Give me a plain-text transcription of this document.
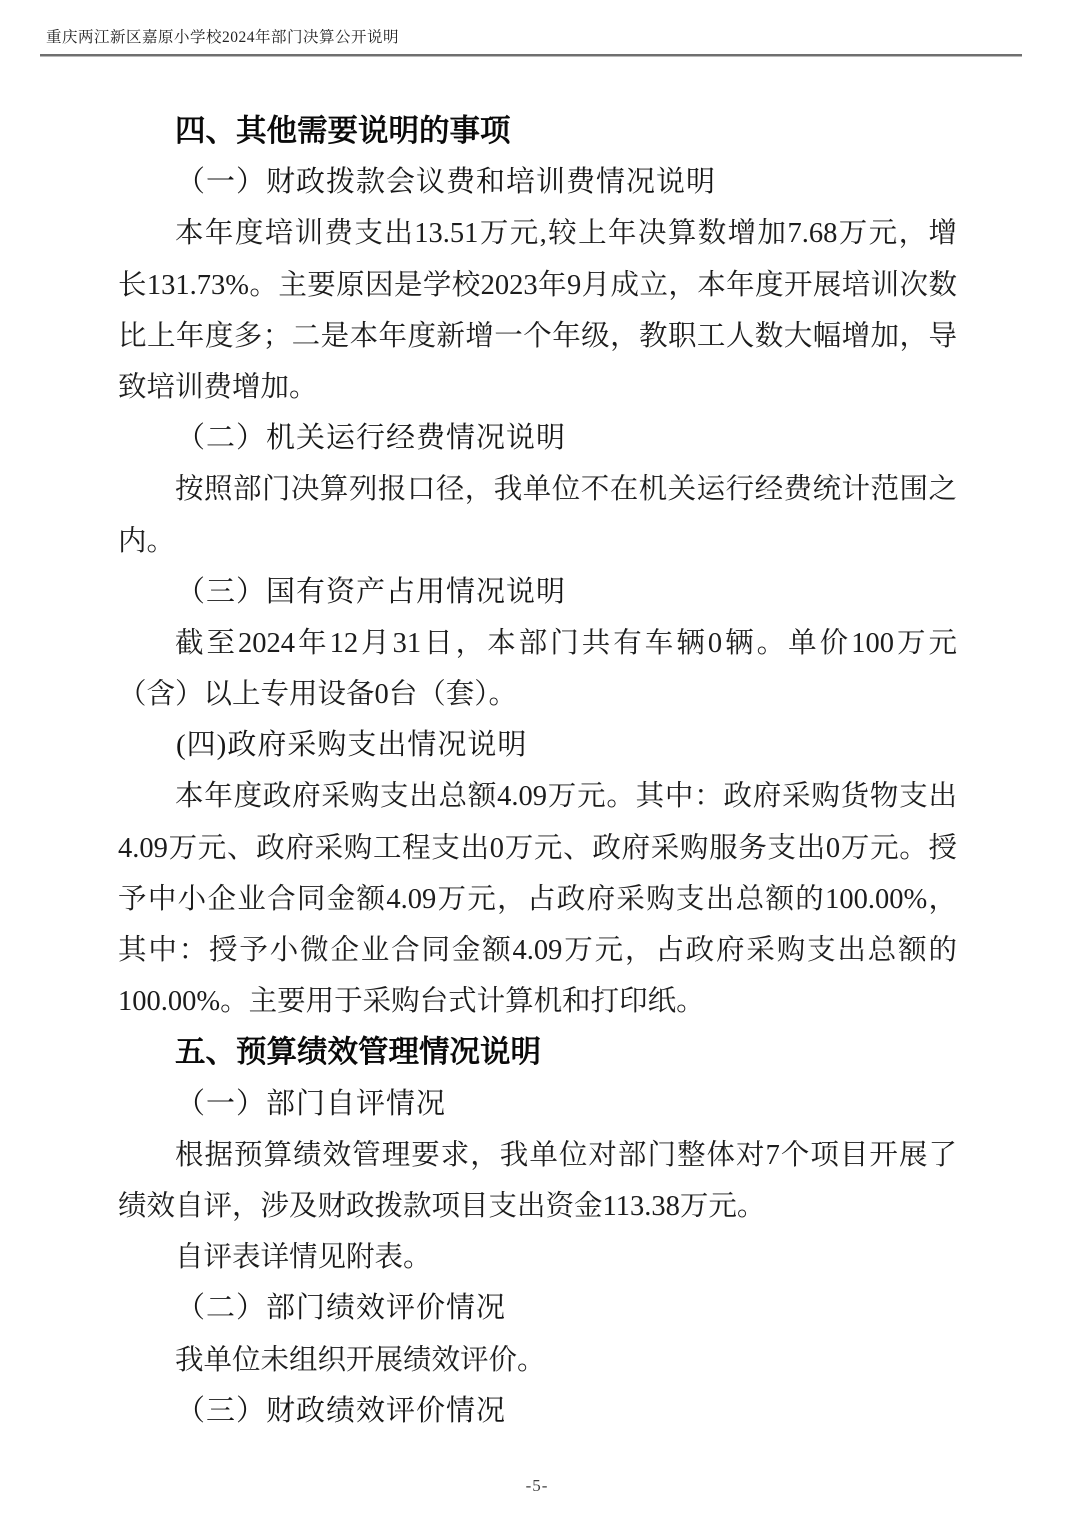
重庆两江新区嘉原小学校2024年部门决算公开说明
四、其他需要说明的事项
（一）财政拨款会议费和培训费情况说明
本年度培训费支出13.51万元,较上年决算数增加7.68万元，增
长131.73%。主要原因是学校2023年9月成立，本年度开展培训次数
比上年度多；二是本年度新增一个年级，教职工人数大幅增加，导
致培训费增加。
（二）机关运行经费情况说明
按照部门决算列报口径，我单位不在机关运行经费统计范围之
内。
（三）国有资产占用情况说明
截至2024年12月31日，本部门共有车辆0辆。单价100万元
（含）以上专用设备0台（套）。
(四)政府采购支出情况说明
本年度政府采购支出总额4.09万元。其中：政府采购货物支出
4.09万元、政府采购工程支出0万元、政府采购服务支出0万元。授
予中小企业合同金额4.09万元，占政府采购支出总额的100.00%，
其中：授予小微企业合同金额4.09万元，占政府采购支出总额的
100.00%。主要用于采购台式计算机和打印纸。
五、预算绩效管理情况说明
（一）部门自评情况
根据预算绩效管理要求，我单位对部门整体对7个项目开展了
绩效自评，涉及财政拨款项目支出资金113.38万元。
自评表详情见附表。
（二）部门绩效评价情况
我单位未组织开展绩效评价。
（三）财政绩效评价情况
-5-
